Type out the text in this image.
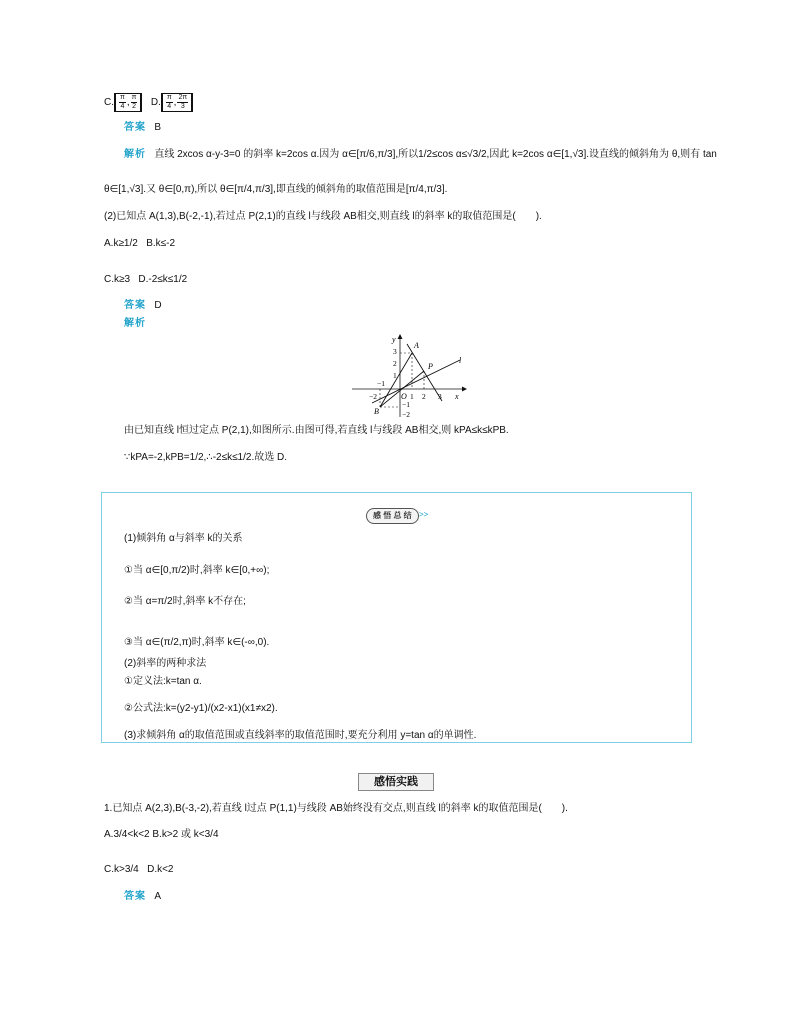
C. $\frac{\pi}{4}$ , $\frac{\pi}{2} D$. $\frac{\pi}{4}$ , $\frac{2\pi}{3}$
答案 B
解析 直线 2xcos α-y-3=0 的斜率 k=2cos α.因为 α∈[π/6,π/3],所以1/2≤cos α≤√3/2,因此 k=2cos α∈[1,√3].设直线的倾斜角为 θ,则有 tan
θ∈[1,√3].又 θ∈[0,π),所以 θ∈[π/4,π/3],即直线的倾斜角的取值范围是[π/4,π/3].
(2)已知点 A(1,3),B(-2,-1),若过点 P(2,1)的直线 l与线段 AB相交,则直线 l的斜率 k的取值范围是(　　).
A.k≥1/2 B.k≤-2
C.k≥3 D.-2≤k≤1/2
答案 D
解析
y
x
A
B
P
l
O
3
2
1
−1
−2
−2
−1
1 2 3
由已知直线 l恒过定点 P(2,1),如图所示.由图可得,若直线 l与线段 AB相交,则 kPA≤k≤kPB.
∵kPA=-2,kPB=1/2,∴-2≤k≤1/2.故选 D.
感 悟 总 结 >>
(1)倾斜角 α与斜率 k的关系
①当 α∈[0,π/2)时,斜率 k∈[0,+∞);
②当 α=π/2时,斜率 k不存在;
③当 α∈(π/2,π)时,斜率 k∈(-∞,0).
(2)斜率的两种求法
①定义法:k=tan α.
②公式法:k=(y2-y1)/(x2-x1)(x1≠x2).
(3)求倾斜角 α的取值范围或直线斜率的取值范围时,要充分利用 y=tan α的单调性.
感悟实践
1.已知点 A(2,3),B(-3,-2),若直线 l过点 P(1,1)与线段 AB始终没有交点,则直线 l的斜率 k的取值范围是(　　).
A.3/4<k<2 B.k>2 或 k<3/4
C.k>3/4 D.k<2
答案 A
